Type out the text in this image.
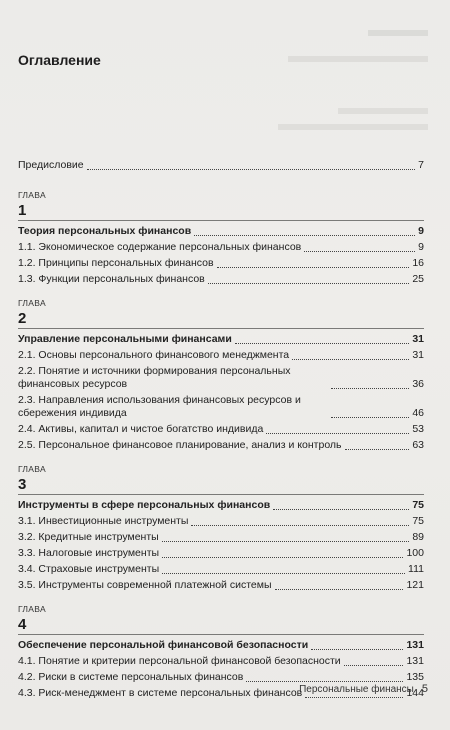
Оглавление
Предисловие	7
ГЛАВА
1
Теория персональных финансов	9
1.1. Экономическое содержание персональных финансов	9
1.2. Принципы персональных финансов	16
1.3. Функции персональных финансов	25
ГЛАВА
2
Управление персональными финансами	31
2.1. Основы персонального финансового менеджмента	31
2.2. Понятие и источники формирования персональных финансовых ресурсов	36
2.3. Направления использования финансовых ресурсов и сбережения индивида	46
2.4. Активы, капитал и чистое богатство индивида	53
2.5. Персональное финансовое планирование, анализ и контроль	63
ГЛАВА
3
Инструменты в сфере персональных финансов	75
3.1. Инвестиционные инструменты	75
3.2. Кредитные инструменты	89
3.3. Налоговые инструменты	100
3.4. Страховые инструменты	111
3.5. Инструменты современной платежной системы	121
ГЛАВА
4
Обеспечение персональной финансовой безопасности	131
4.1. Понятие и критерии персональной финансовой безопасности	131
4.2. Риски в системе персональных финансов	135
4.3. Риск-менеджмент в системе персональных финансов	144
Персональные финансы 5
